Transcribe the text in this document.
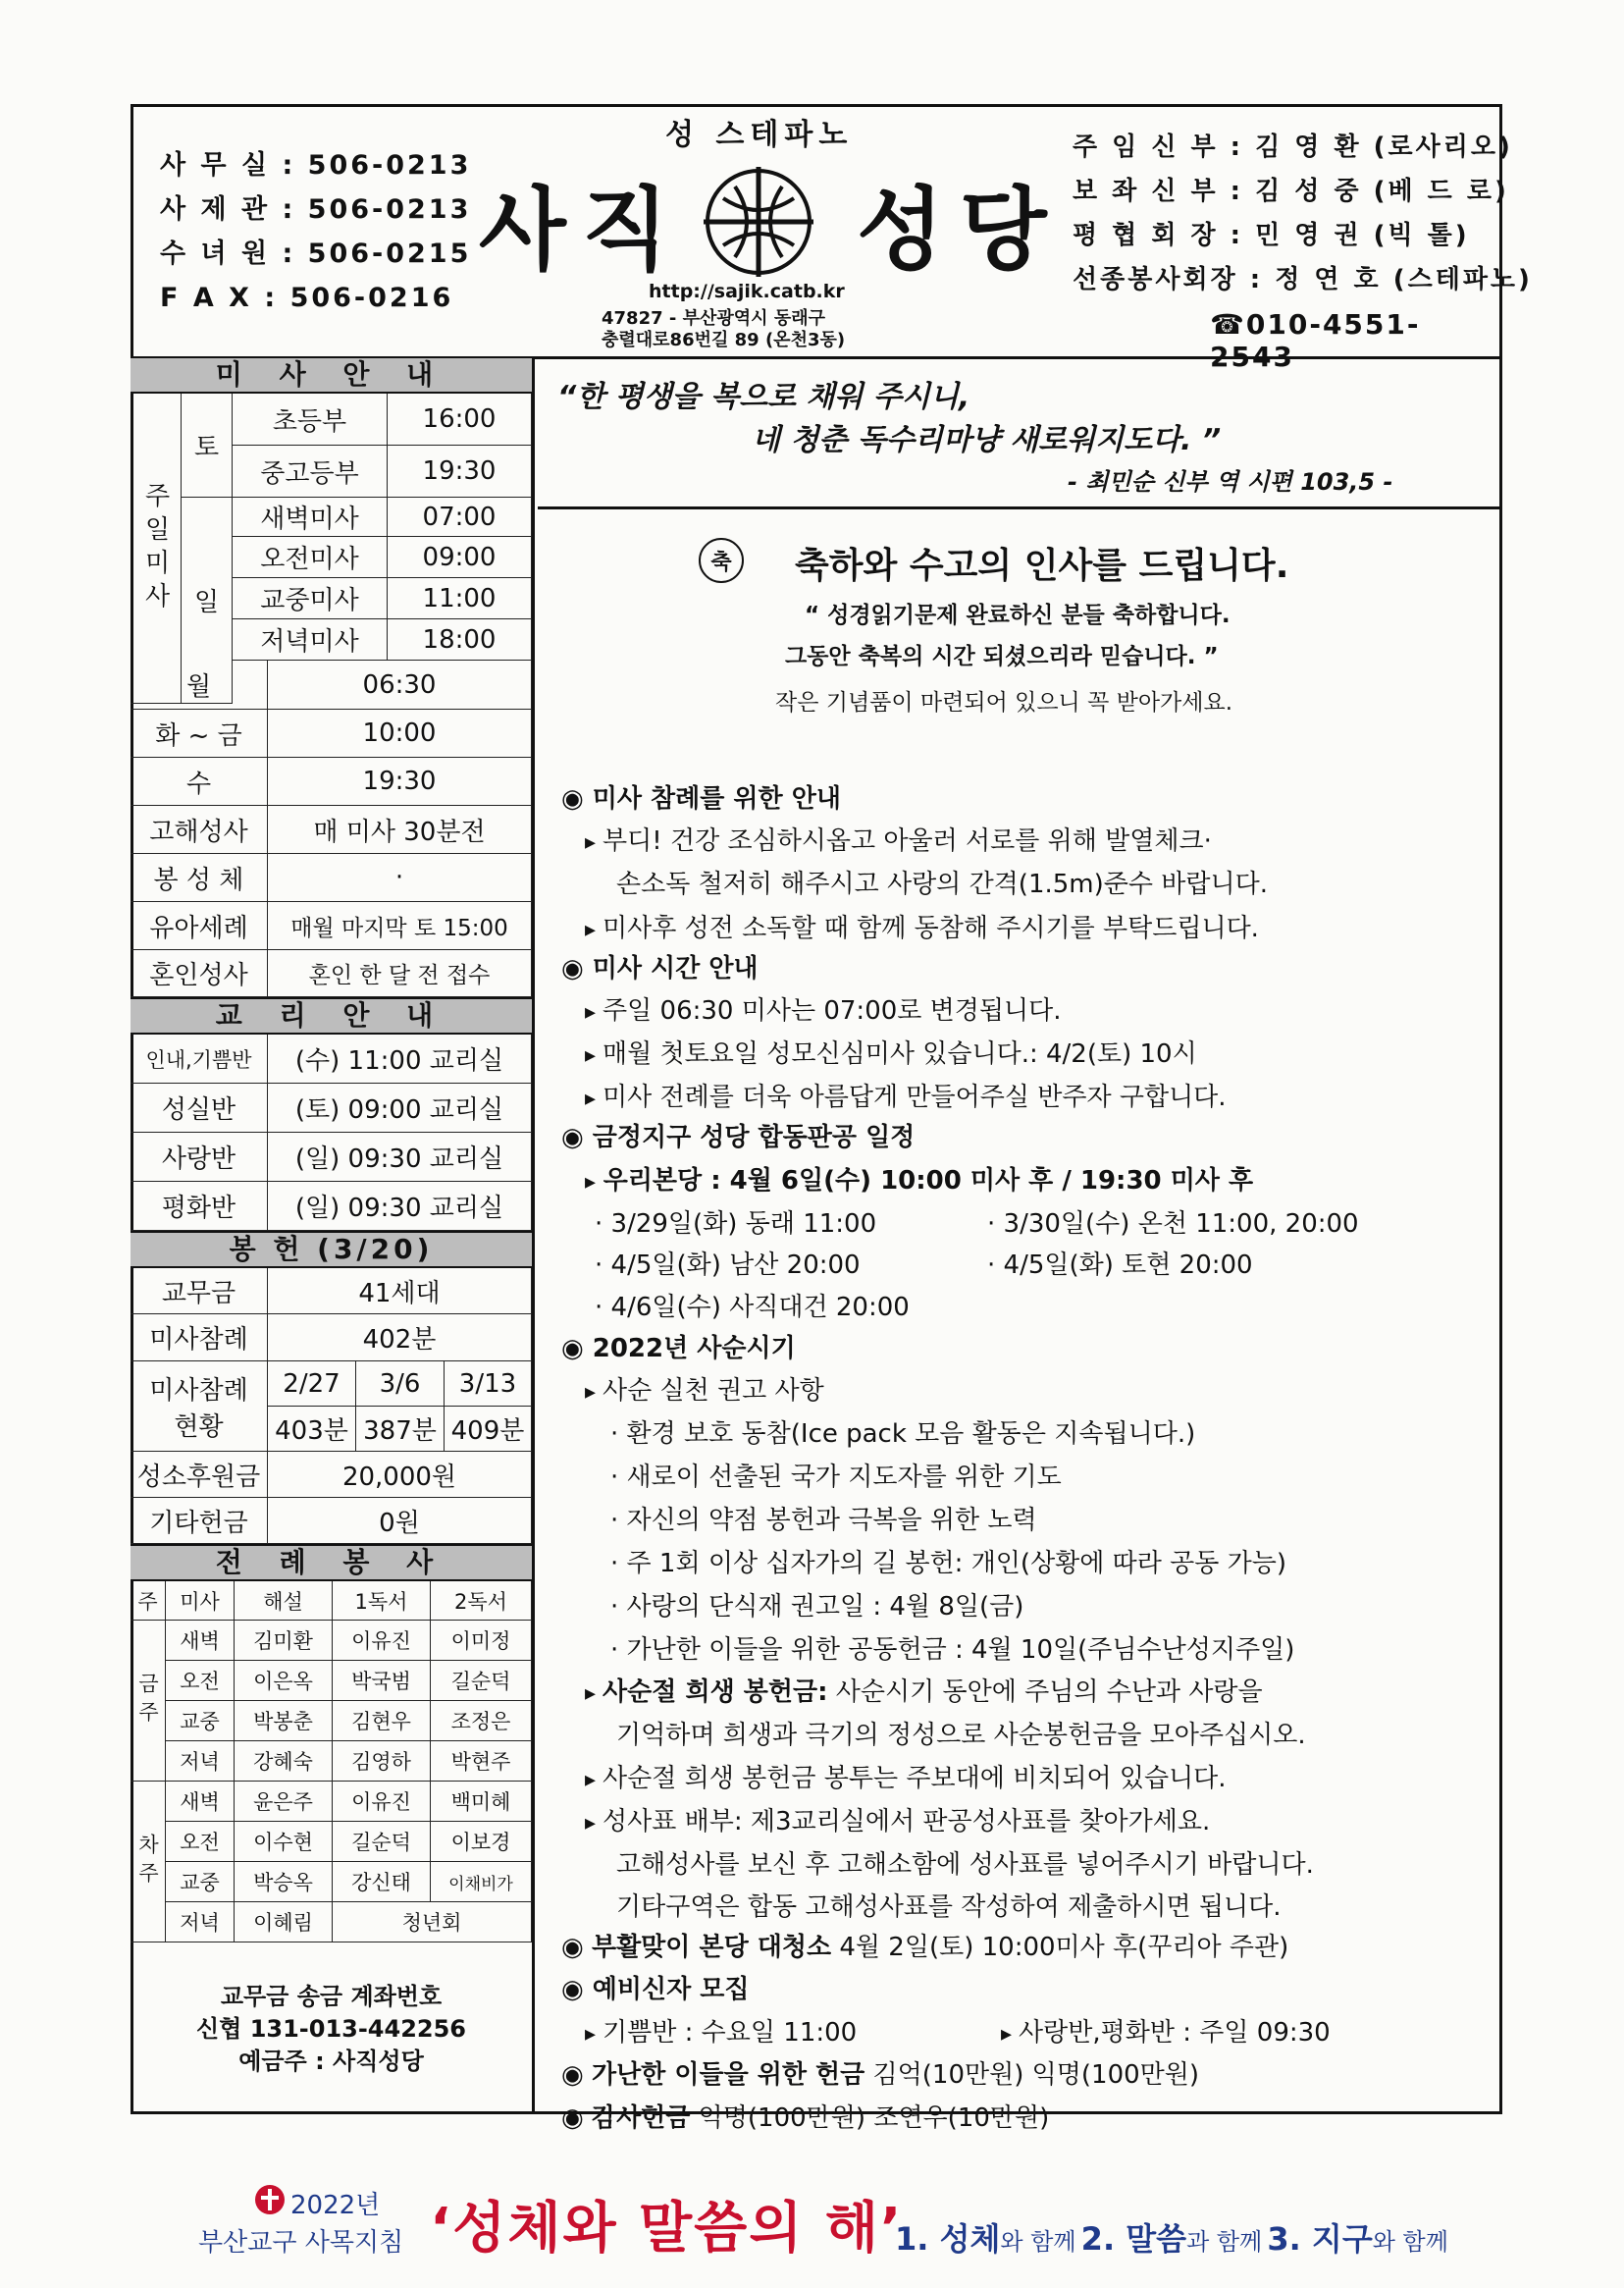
사 무 실 : 506-0213
사 제 관 : 506-0213
수 녀 원 : 506-0215
F A X : 506-0216
성 스테파노
사직 성당
http://sajik.catb.kr
47827 - 부산광역시 동래구
충렬대로86번길 89 (온천3동)
주 임 신 부 : 김 영 환 (로사리오)
보 좌 신 부 : 김 성 중 (베 드 로)
평 협 회 장 : 민 영 권 (빅 톨)
선종봉사회장 : 정 연 호 (스테파노)
☎010-4551-2543
미 사 안 내
주일미사
토
초등부	16:00
중고등부	19:30
일
새벽미사	07:00
오전미사	09:00
교중미사	11:00
저녁미사	18:00
월	06:30
화 ~ 금	10:00
수	19:30
고해성사	매 미사 30분전
봉 성 체	·
유아세례	매월 마지막 토 15:00
혼인성사	혼인 한 달 전 접수
교 리 안 내
인내,기쁨반	(수) 11:00 교리실
성실반	(토) 09:00 교리실
사랑반	(일) 09:30 교리실
평화반	(일) 09:30 교리실
봉 헌 (3/20)
교무금	41세대
미사참례	402분
미사참례
현황
2/27	3/6	3/13
403분 387분 409분
성소후원금	20,000원
기타헌금	0원
전 례 봉 사
주	미사	해설	1독서	2독서
금주
새벽	김미환	이유진	이미정
오전	이은옥	박국범	길순덕
교중	박봉춘	김현우	조정은
저녁	강혜숙	김영하	박현주
차주
새벽	윤은주	이유진	백미혜
오전	이수현	길순덕	이보경
교중	박승옥	강신태	이채비가
저녁	이혜림	청년회
교무금 송금 계좌번호
신협 131-013-442256
예금주 : 사직성당
“한 평생을 복으로 채워 주시니,
네 청춘 독수리마냥 새로워지도다. ”
- 최민순 신부 역 시편 103,5 -
축	축하와 수고의 인사를 드립니다.
“ 성경읽기문제 완료하신 분들 축하합니다.
그동안 축복의 시간 되셨으리라 믿습니다. ”
작은 기념품이 마련되어 있으니 꼭 받아가세요.
◉ 미사 참례를 위한 안내
▸ 부디! 건강 조심하시옵고 아울러 서로를 위해 발열체크·
손소독 철저히 해주시고 사랑의 간격(1.5m)준수 바랍니다.
▸ 미사후 성전 소독할 때 함께 동참해 주시기를 부탁드립니다.
◉ 미사 시간 안내
▸ 주일 06:30 미사는 07:00로 변경됩니다.
▸ 매월 첫토요일 성모신심미사 있습니다.: 4/2(토) 10시
▸ 미사 전례를 더욱 아름답게 만들어주실 반주자 구합니다.
◉ 금정지구 성당 합동판공 일정
▸ 우리본당 : 4월 6일(수) 10:00 미사 후 / 19:30 미사 후
· 3/29일(화) 동래 11:00	· 3/30일(수) 온천 11:00, 20:00
· 4/5일(화) 남산 20:00	· 4/5일(화) 토현 20:00
· 4/6일(수) 사직대건 20:00
◉ 2022년 사순시기
▸ 사순 실천 권고 사항
· 환경 보호 동참(Ice pack 모음 활동은 지속됩니다.)
· 새로이 선출된 국가 지도자를 위한 기도
· 자신의 약점 봉헌과 극복을 위한 노력
· 주 1회 이상 십자가의 길 봉헌: 개인(상황에 따라 공동 가능)
· 사랑의 단식재 권고일 : 4월 8일(금)
· 가난한 이들을 위한 공동헌금 : 4월 10일(주님수난성지주일)
▸ 사순절 희생 봉헌금: 사순시기 동안에 주님의 수난과 사랑을
기억하며 희생과 극기의 정성으로 사순봉헌금을 모아주십시오.
▸ 사순절 희생 봉헌금 봉투는 주보대에 비치되어 있습니다.
▸ 성사표 배부: 제3교리실에서 판공성사표를 찾아가세요.
고해성사를 보신 후 고해소함에 성사표를 넣어주시기 바랍니다.
기타구역은 합동 고해성사표를 작성하여 제출하시면 됩니다.
◉ 부활맞이 본당 대청소 4월 2일(토) 10:00미사 후(꾸리아 주관)
◉ 예비신자 모집
▸ 기쁨반 : 수요일 11:00
▸	사랑반,평화반 : 주일 09:30
◉ 가난한 이들을 위한 헌금 김억(10만원) 익명(100만원)
◉ 감사헌금 익명(100만원) 조연우(10만원)
2022년
부산교구 사목지침 ‘성체와 말씀의 해’
1. 성체와 함께 2. 말씀과 함께 3. 지구와 함께
